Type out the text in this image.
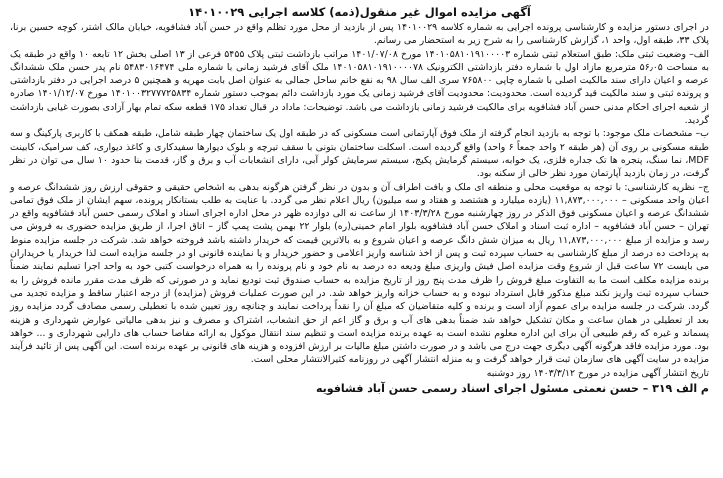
آگهی مزایده اموال غیر منقول(ذمه) کلاسه اجرایی ۱۴۰۱۰۰۲۹

در اجرای دستور مزایده و کارشناسی پرونده اجرایی به شماره کلاسه ۱۴۰۱۰۰۲۹ پس از بازدید از محل مورد تظلم واقع در حسن آباد فشافویه، خیابان مالک اشتر، کوچه حسین برنا، پلاک ۳۳، طبقه اول، واحد ۱، گزارش کارشناسی را به شرح زیر به استحضار می رسانم.

الف– وضعیت ثبتی ملک: طبق استعلام ثبتی شماره ۱۴۰۱۰۵۸۱۰۱۹۱۰۰۰۰۳ مورخ ۱۴۰۱/۰۷/۰۸ مراتب بازداشت ثبتی پلاک ۵۴۵۵ فرعی از ۱۳ اصلی بخش ۱۲ تابعه ۱۰ واقع در طبقه یک به مساحت ۵۶٫۰۵ مترمربع مازاد اول با شماره دفتر بازداشتی الکترونیک ۱۴۰۱۰۵۸۱۰۱۹۱۰۰۰۰۷۸ ملک آقای فرشید زمانی با شماره ملی ۵۴۸۳۰۱۶۴۷۴ نام پدر حسن ملک ششدانگ عرصه و اعیان دارای سند مالکیت اصلی با شماره چاپی ۷۶۵۸۰۰ سری الف سال ۹۸ به نفع خانم ساحل جمالی به عنوان اصل بابت مهریه و همچنین ۵ درصد اجرایی در دفتر بازداشتی و پرونده ثبتی و سند مالکیت قید گردیده است. محدودیت: محدودیت آقای فرشید زمانی یک مورد بازداشت دائم بموجب دستور شماره ۱۴۰۱۰۰۳۲۷۷۷۲۵۸۳۴ مورخ ۱۴۰۱/۱۲/۰۷ صادره از شعبه اجرای احکام مدنی حسن آباد فشافویه برای مالکیت فرشید زمانی بازداشت می باشد. توضیحات: ماداد در قبال تعداد ۱۷۵ قطعه سکه تمام بهار آزادی بصورت غیابی بازداشت گردید.

ب– مشخصات ملک موجود: با توجه به بازدید انجام گرفته از ملک فوق آپارتمانی است مسکونی که در طبقه اول یک ساختمان چهار طبقه شامل، طبقه همکف با کاربری پارکینگ و سه طبقه مسکونی بر روی آن (هر طبقه ۲ واحد جمعاً ۶ واحد) واقع گردیده است. اسکلت ساختمان بتونی با سقف تیرچه و بلوک دیوارها سفیدکاری و کاغذ دیواری، کف سرامیک، کابینت MDF، نما سنگ، پنجره ها تک جداره فلزی، یک خوابه، سیستم گرمایش پکیج، سیستم سرمایش کولر آبی، دارای انشعابات آب و برق و گاز، قدمت بنا حدود ۱۰ سال می توان در نظر گرفت، در زمان بازدید آپارتمان مورد نظر خالی از سکنه بود.

ج– نظریه کارشناسی: با توجه به موقعیت محلی و منطقه ای ملک و بافت اطراف آن و بدون در نظر گرفتن هرگونه بدهی به اشخاص حقیقی و حقوقی ارزش روز ششدانگ عرصه و اعیان واحد مسکونی – ۱۱,۸۷۳,۰۰۰,۰۰۰ (یازده میلیارد و هشتصد و هفتاد و سه میلیون) ریال اعلام نظر می گردد. با عنایت به طلب بستانکار پرونده، سهم ایشان از ملک فوق تمامی ششدانگ عرصه و اعیان مسکونی فوق الذکر در روز چهارشنبه مورخ ۱۴۰۳/۳/۲۸ از ساعت نه الی دوازده ظهر در محل اداره اجرای اسناد و املاک رسمی حسن آباد فشافویه واقع در تهران – حسن آباد فشافویه – اداره ثبت اسناد و املاک حسن آباد فشافویه بلوار امام خمینی(ره) بلوار ۲۲ بهمن پشت پمپ گاز – اتاق اجرا، از طریق مزایده حضوری به فروش می رسد و مزایده از مبلغ ۱۱,۸۷۳,۰۰۰,۰۰۰ ریال به میزان شش دانگ عرصه و اعیان شروع و به بالاترین قیمت که خریدار داشته باشد فروخته خواهد شد. شرکت در جلسه مزایده منوط به پرداخت ده درصد از مبلغ کارشناسی به حساب سپرده ثبت و پس از اخذ شناسه واریز اعلامی و حضور خریدار و یا نماینده قانونی او در جلسه مزایده است لذا خریدار یا خریداران می بایست ۷۲ ساعت قبل از شروع وقت مزایده اصل فیش واریزی مبلغ ودیعه ده درصد به نام خود و نام پرونده را به همراه درخواست کتبی خود به واحد اجرا تسلیم نمایند ضمناً برنده مزایده مکلف است ما به التفاوت مبلغ فروش را ظرف مدت پنج روز از تاریخ مزایده به حساب صندوق ثبت تودیع نماید و در صورتی که ظرف مدت مقرر مانده فروش را به حساب سپرده ثبت واریز نکند مبلغ مذکور قابل استرداد نبوده و به حساب خزانه واریز خواهد شد. در این صورت عملیات فروش (مزایده) از درجه اعتبار ساقط و مزایده تجدید می گردد. شرکت در جلسه مزایده برای عموم آزاد است و برنده و کلیه متقاضیان که مبلغ آن را نقداً پرداخت نمایند و چنانچه روز تعیین شده با تعطیلی رسمی مصادف گردد مزایده روز بعد از تعطیلی در همان ساعت و مکان تشکیل خواهد شد ضمناً بدهی های آب و برق و گاز اعم از حق انشعاب، اشتراک و مصرف و نیز بدهی مالیاتی عوارض شهرداری و هزینه پسماند و غیره که رقم طبیعی آن برای این اداره معلوم نشده است به عهده برنده مزایده است و تنظیم سند انتقال موکول به ارائه مفاصا حساب های دارایی شهرداری و ... خواهد بود. مورد مزایده فاقد هرگونه آگهی دیگری جهت درج می باشد و در صورت داشتن مبلغ مالیات بر ارزش افزوده و هزینه های قانونی بر عهده برنده است. این آگهی پس از تائید فرآیند مزایده در سایت آگهی های سازمان ثبت قرار خواهد گرفت و به منزله انتشار آگهی در روزنامه کثیرالانتشار محلی است.

تاریخ انتشار آگهی مزایده در مورخ ۱۴۰۳/۳/۱۲ روز دوشنبه

م الف ۳۱۹ – حسن نعمتی مسئول اجرای اسناد رسمی حسن آباد فشافویه
